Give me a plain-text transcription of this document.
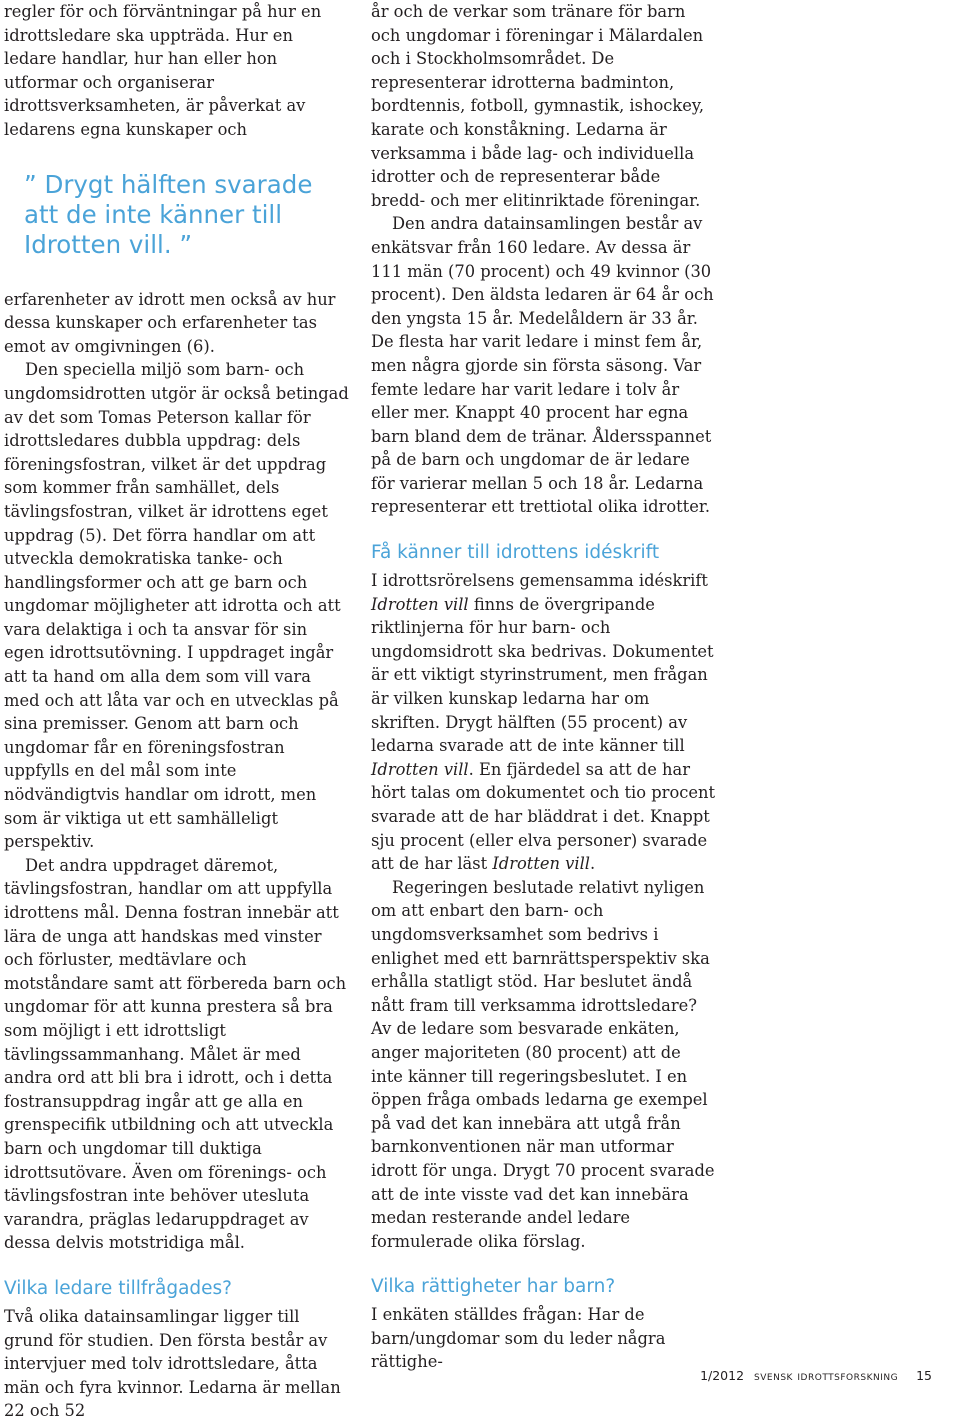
regler för och förväntningar på hur en idrottsledare ska uppträda. Hur en ledare handlar, hur han eller hon utformar och organiserar idrottsverksamheten, är påverkat av ledarens egna kunskaper och

” Drygt hälften svarade att de inte känner till Idrotten vill. ”

erfarenheter av idrott men också av hur dessa kunskaper och erfarenheter tas emot av omgivningen (6).

Den speciella miljö som barn- och ungdomsidrotten utgör är också betingad av det som Tomas Peterson kallar för idrottsledares dubbla uppdrag: dels föreningsfostran, vilket är det uppdrag som kommer från samhället, dels tävlingsfostran, vilket är idrottens eget uppdrag (5). Det förra handlar om att utveckla demokratiska tanke- och handlingsformer och att ge barn och ungdomar möjligheter att idrotta och att vara delaktiga i och ta ansvar för sin egen idrottsutövning. I uppdraget ingår att ta hand om alla dem som vill vara med och att låta var och en utvecklas på sina premisser. Genom att barn och ungdomar får en föreningsfostran uppfylls en del mål som inte nödvändigtvis handlar om idrott, men som är viktiga ut ett samhälleligt perspektiv.

Det andra uppdraget däremot, tävlingsfostran, handlar om att uppfylla idrottens mål. Denna fostran innebär att lära de unga att handskas med vinster och förluster, medtävlare och motståndare samt att förbereda barn och ungdomar för att kunna prestera så bra som möjligt i ett idrottsligt tävlingssammanhang. Målet är med andra ord att bli bra i idrott, och i detta fostransuppdrag ingår att ge alla en grenspecifik utbildning och att utveckla barn och ungdomar till duktiga idrottsutövare. Även om förenings- och tävlingsfostran inte behöver utesluta varandra, präglas ledaruppdraget av dessa delvis motstridiga mål.

Vilka ledare tillfrågades?

Två olika datainsamlingar ligger till grund för studien. Den första består av intervjuer med tolv idrottsledare, åtta män och fyra kvinnor. Ledarna är mellan 22 och 52

år och de verkar som tränare för barn och ungdomar i föreningar i Mälardalen och i Stockholmsområdet. De representerar idrotterna badminton, bordtennis, fotboll, gymnastik, ishockey, karate och konståkning. Ledarna är verksamma i både lag- och individuella idrotter och de representerar både bredd- och mer elitinriktade föreningar.

Den andra datainsamlingen består av enkätsvar från 160 ledare. Av dessa är 111 män (70 procent) och 49 kvinnor (30 procent). Den äldsta ledaren är 64 år och den yngsta 15 år. Medelåldern är 33 år. De flesta har varit ledare i minst fem år, men några gjorde sin första säsong. Var femte ledare har varit ledare i tolv år eller mer. Knappt 40 procent har egna barn bland dem de tränar. Åldersspannet på de barn och ungdomar de är ledare för varierar mellan 5 och 18 år. Ledarna representerar ett trettiotal olika idrotter.

Få känner till idrottens idéskrift

I idrottsrörelsens gemensamma idéskrift Idrotten vill finns de övergripande riktlinjerna för hur barn- och ungdomsidrott ska bedrivas. Dokumentet är ett viktigt styrinstrument, men frågan är vilken kunskap ledarna har om skriften. Drygt hälften (55 procent) av ledarna svarade att de inte känner till Idrotten vill. En fjärdedel sa att de har hört talas om dokumentet och tio procent svarade att de har bläddrat i det. Knappt sju procent (eller elva personer) svarade att de har läst Idrotten vill.

Regeringen beslutade relativt nyligen om att enbart den barn- och ungdomsverksamhet som bedrivs i enlighet med ett barnrättsperspektiv ska erhålla statligt stöd. Har beslutet ändå nått fram till verksamma idrottsledare? Av de ledare som besvarade enkäten, anger majoriteten (80 procent) att de inte känner till regeringsbeslutet. I en öppen fråga ombads ledarna ge exempel på vad det kan innebära att utgå från barnkonventionen när man utformar idrott för unga. Drygt 70 procent svarade att de inte visste vad det kan innebära medan resterande andel ledare formulerade olika förslag.

Vilka rättigheter har barn?

I enkäten ställdes frågan: Har de barn/ungdomar som du leder några rättighe-

1/2012 svensk idrottsforskning 15
